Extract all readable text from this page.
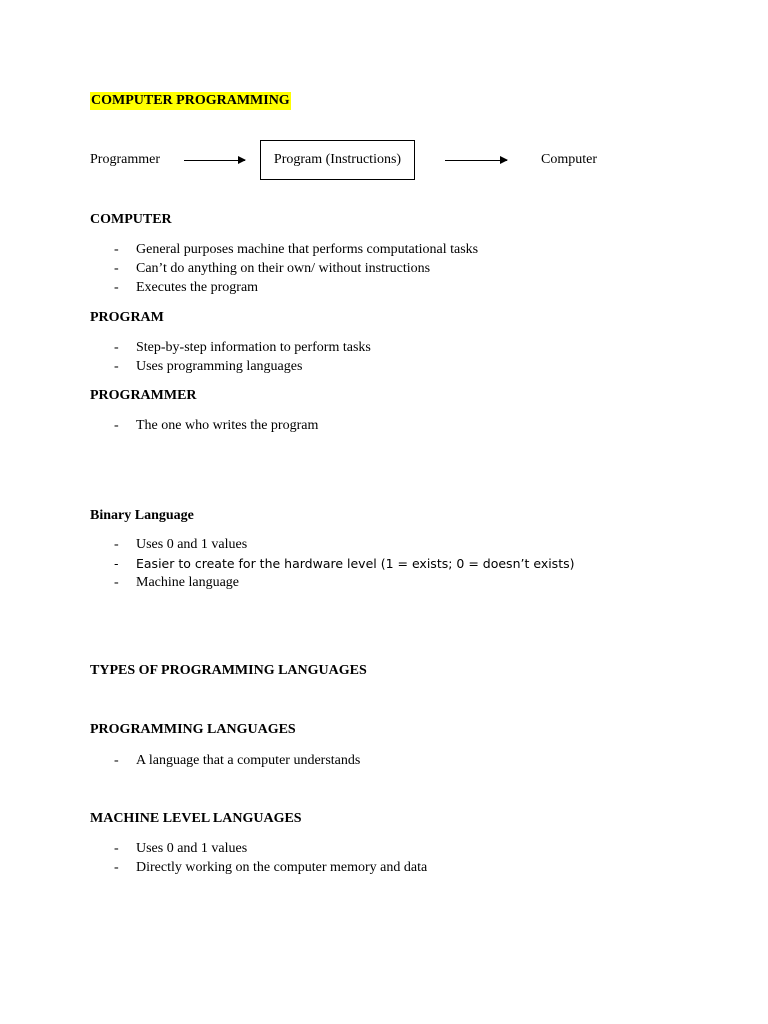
COMPUTER PROGRAMMING
Programmer	Program (Instructions)	Computer
COMPUTER
- General purposes machine that performs computational tasks
- Can’t do anything on their own/ without instructions
- Executes the program
PROGRAM
- Step-by-step information to perform tasks
- Uses programming languages
PROGRAMMER
- The one who writes the program
Binary Language
- Uses 0 and 1 values
- Easier to create for the hardware level (1 = exists; 0 = doesn’t exists)
- Machine language
TYPES OF PROGRAMMING LANGUAGES
PROGRAMMING LANGUAGES
- A language that a computer understands
MACHINE LEVEL LANGUAGES
- Uses 0 and 1 values
- Directly working on the computer memory and data
